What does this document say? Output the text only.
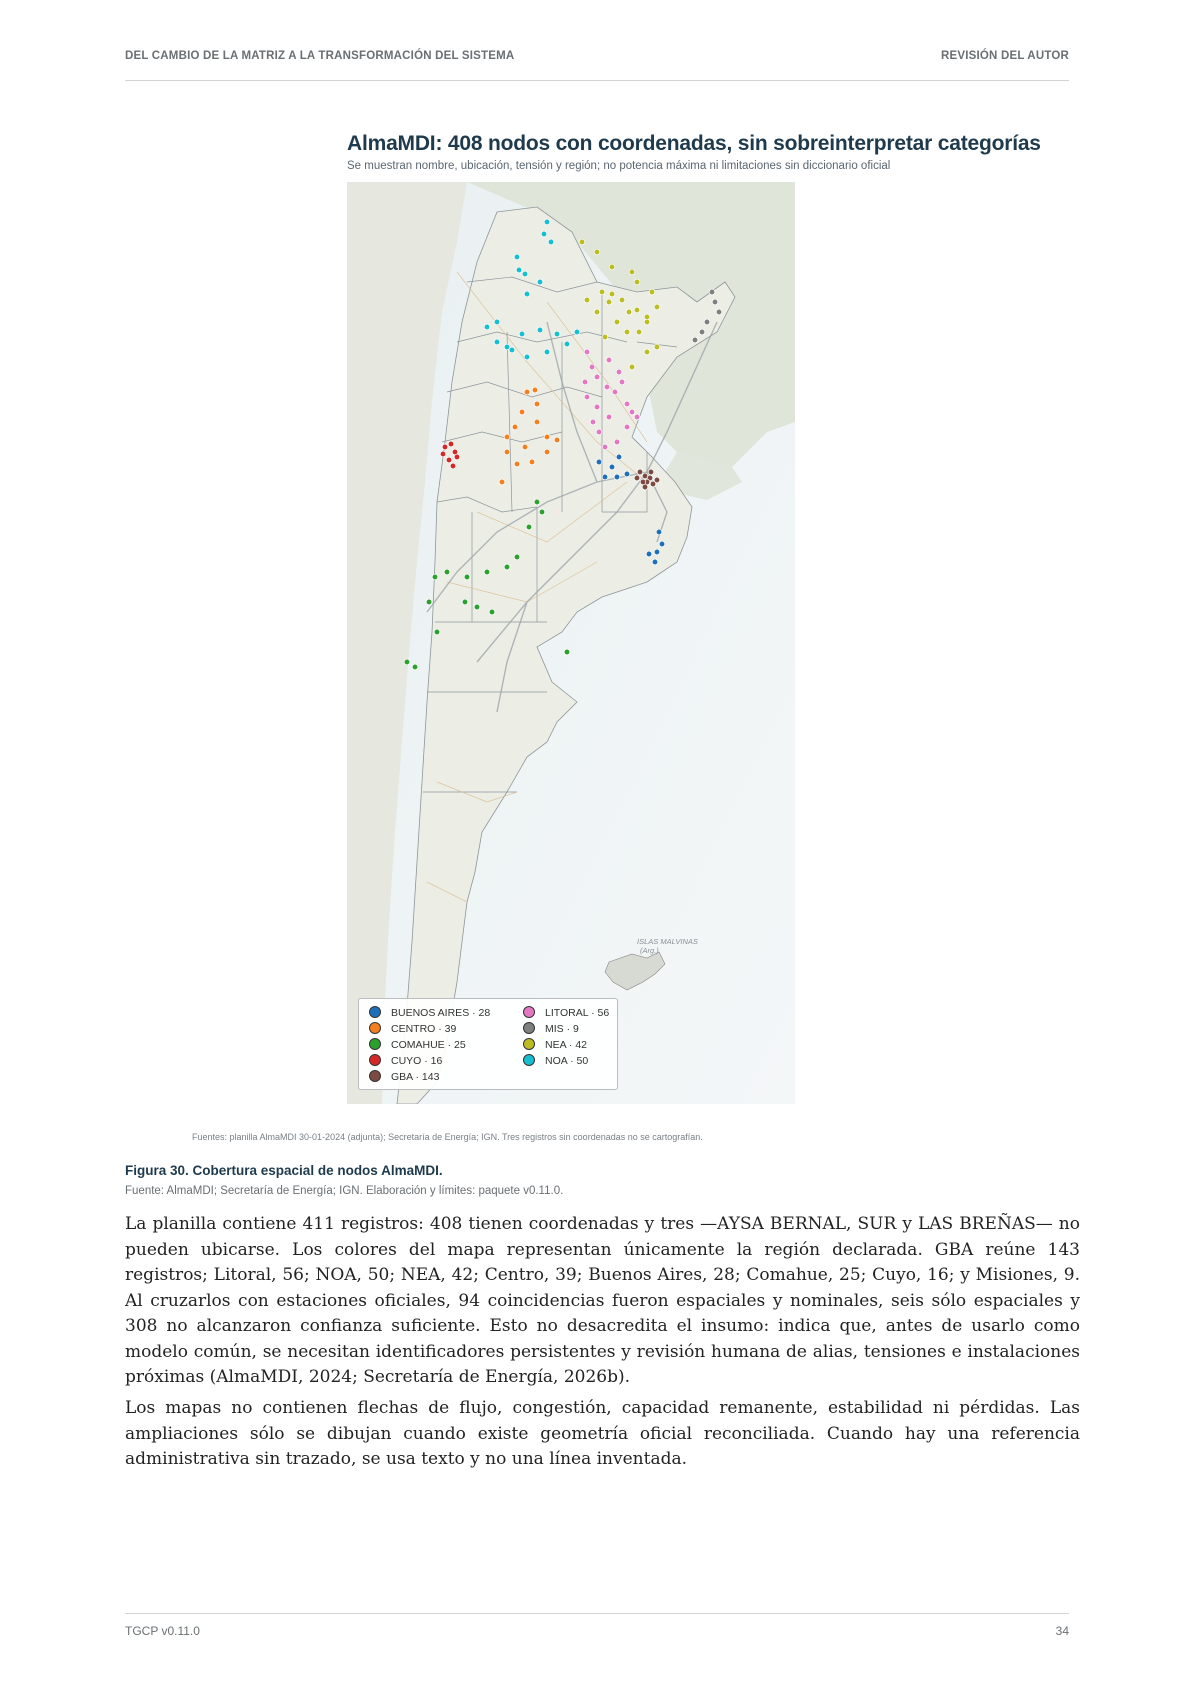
DEL CAMBIO DE LA MATRIZ A LA TRANSFORMACIÓN DEL SISTEMA	REVISIÓN DEL AUTOR
AlmaMDI: 408 nodos con coordenadas, sin sobreinterpretar categorías
Se muestran nombre, ubicación, tensión y región; no potencia máxima ni limitaciones sin diccionario oficial
ISLAS MALVINAS
(Arg.)
BUENOS AIRES · 28
CENTRO · 39
COMAHUE · 25
CUYO · 16
GBA · 143
LITORAL · 56
MIS · 9
NEA · 42
NOA · 50
Fuentes: planilla AlmaMDI 30-01-2024 (adjunta); Secretaría de Energía; IGN. Tres registros sin coordenadas no se cartografían.
Figura 30. Cobertura espacial de nodos AlmaMDI.
Fuente: AlmaMDI; Secretaría de Energía; IGN. Elaboración y límites: paquete v0.11.0.

La planilla contiene 411 registros: 408 tienen coordenadas y tres —AYSA BERNAL, SUR y LAS BREÑAS— no pueden ubicarse. Los colores del mapa representan únicamente la región declarada. GBA reúne 143 registros; Litoral, 56; NOA, 50; NEA, 42; Centro, 39; Buenos Aires, 28; Comahue, 25; Cuyo, 16; y Misiones, 9. Al cruzarlos con estaciones oficiales, 94 coincidencias fueron espaciales y nominales, seis sólo espaciales y 308 no alcanzaron confianza suficiente. Esto no desacredita el insumo: indica que, antes de usarlo como modelo común, se necesitan identificadores persistentes y revisión humana de alias, tensiones e instalaciones próximas (AlmaMDI, 2024; Secretaría de Energía, 2026b).

Los mapas no contienen flechas de flujo, congestión, capacidad remanente, estabilidad ni pérdidas. Las ampliaciones sólo se dibujan cuando existe geometría oficial reconciliada. Cuando hay una referencia administrativa sin trazado, se usa texto y no una línea inventada.

TGCP v0.11.0	34
